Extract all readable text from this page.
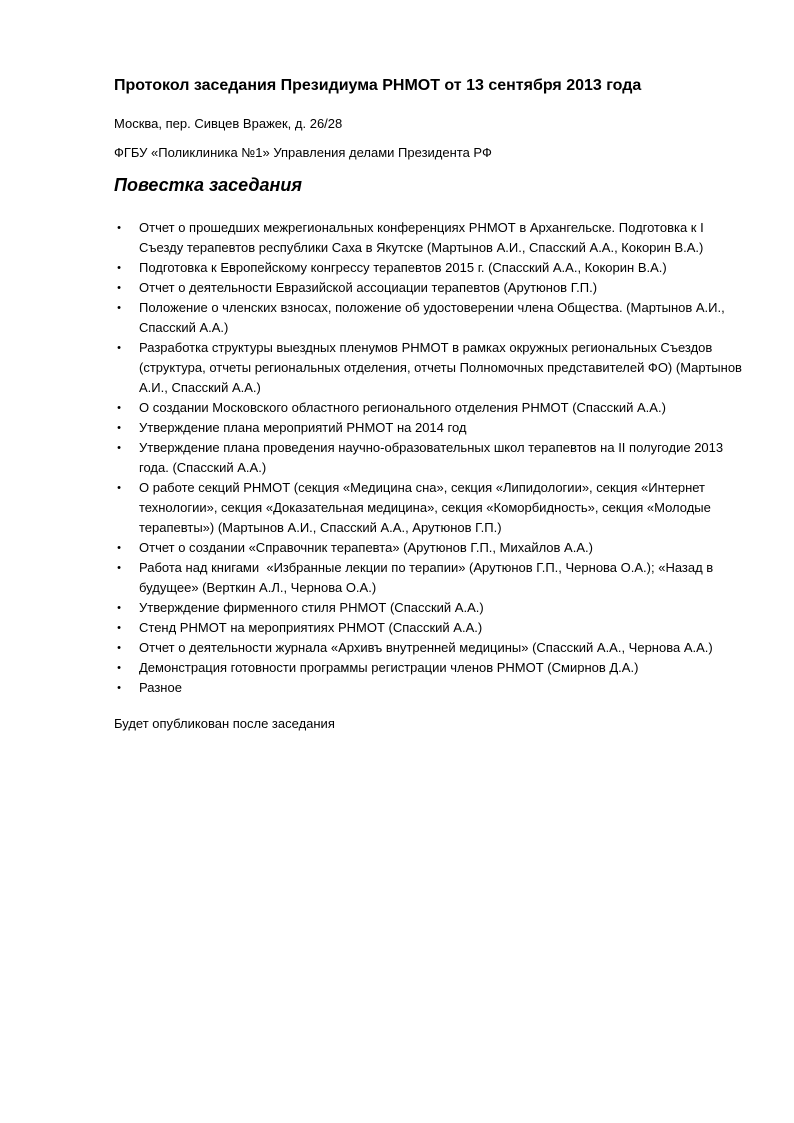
Протокол заседания Президиума РНМОТ от 13 сентября 2013 года

Москва, пер. Сивцев Вражек, д. 26/28

ФГБУ «Поликлиника №1» Управления делами Президента РФ

Повестка заседания
• Отчет о прошедших межрегиональных конференциях РНМОТ в Архангельске. Подготовка к I Съезду терапевтов республики Саха в Якутске (Мартынов А.И., Спасский А.А., Кокорин В.А.)
• Подготовка к Европейскому конгрессу терапевтов 2015 г. (Спасский А.А., Кокорин В.А.)
• Отчет о деятельности Евразийской ассоциации терапевтов (Арутюнов Г.П.)
• Положение о членских взносах, положение об удостоверении члена Общества. (Мартынов А.И., Спасский А.А.)
• Разработка структуры выездных пленумов РНМОТ в рамках окружных региональных Съездов (структура, отчеты региональных отделения, отчеты Полномочных представителей ФО) (Мартынов А.И., Спасский А.А.)
• О создании Московского областного регионального отделения РНМОТ (Спасский А.А.)
• Утверждение плана мероприятий РНМОТ на 2014 год
• Утверждение плана проведения научно-образовательных школ терапевтов на II полугодие 2013 года. (Спасский А.А.)
• О работе секций РНМОТ (секция «Медицина сна», секция «Липидологии», секция «Интернет технологии», секция «Доказательная медицина», секция «Коморбидность», секция «Молодые терапевты») (Мартынов А.И., Спасский А.А., Арутюнов Г.П.)
• Отчет о создании «Справочник терапевта» (Арутюнов Г.П., Михайлов А.А.)
• Работа над книгами  «Избранные лекции по терапии» (Арутюнов Г.П., Чернова О.А.); «Назад в будущее» (Верткин А.Л., Чернова О.А.)
• Утверждение фирменного стиля РНМОТ (Спасский А.А.)
• Стенд РНМОТ на мероприятиях РНМОТ (Спасский А.А.)
• Отчет о деятельности журнала «Архивъ внутренней медицины» (Спасский А.А., Чернова А.А.)
• Демонстрация готовности программы регистрации членов РНМОТ (Смирнов Д.А.)
• Разное

Будет опубликован после заседания
